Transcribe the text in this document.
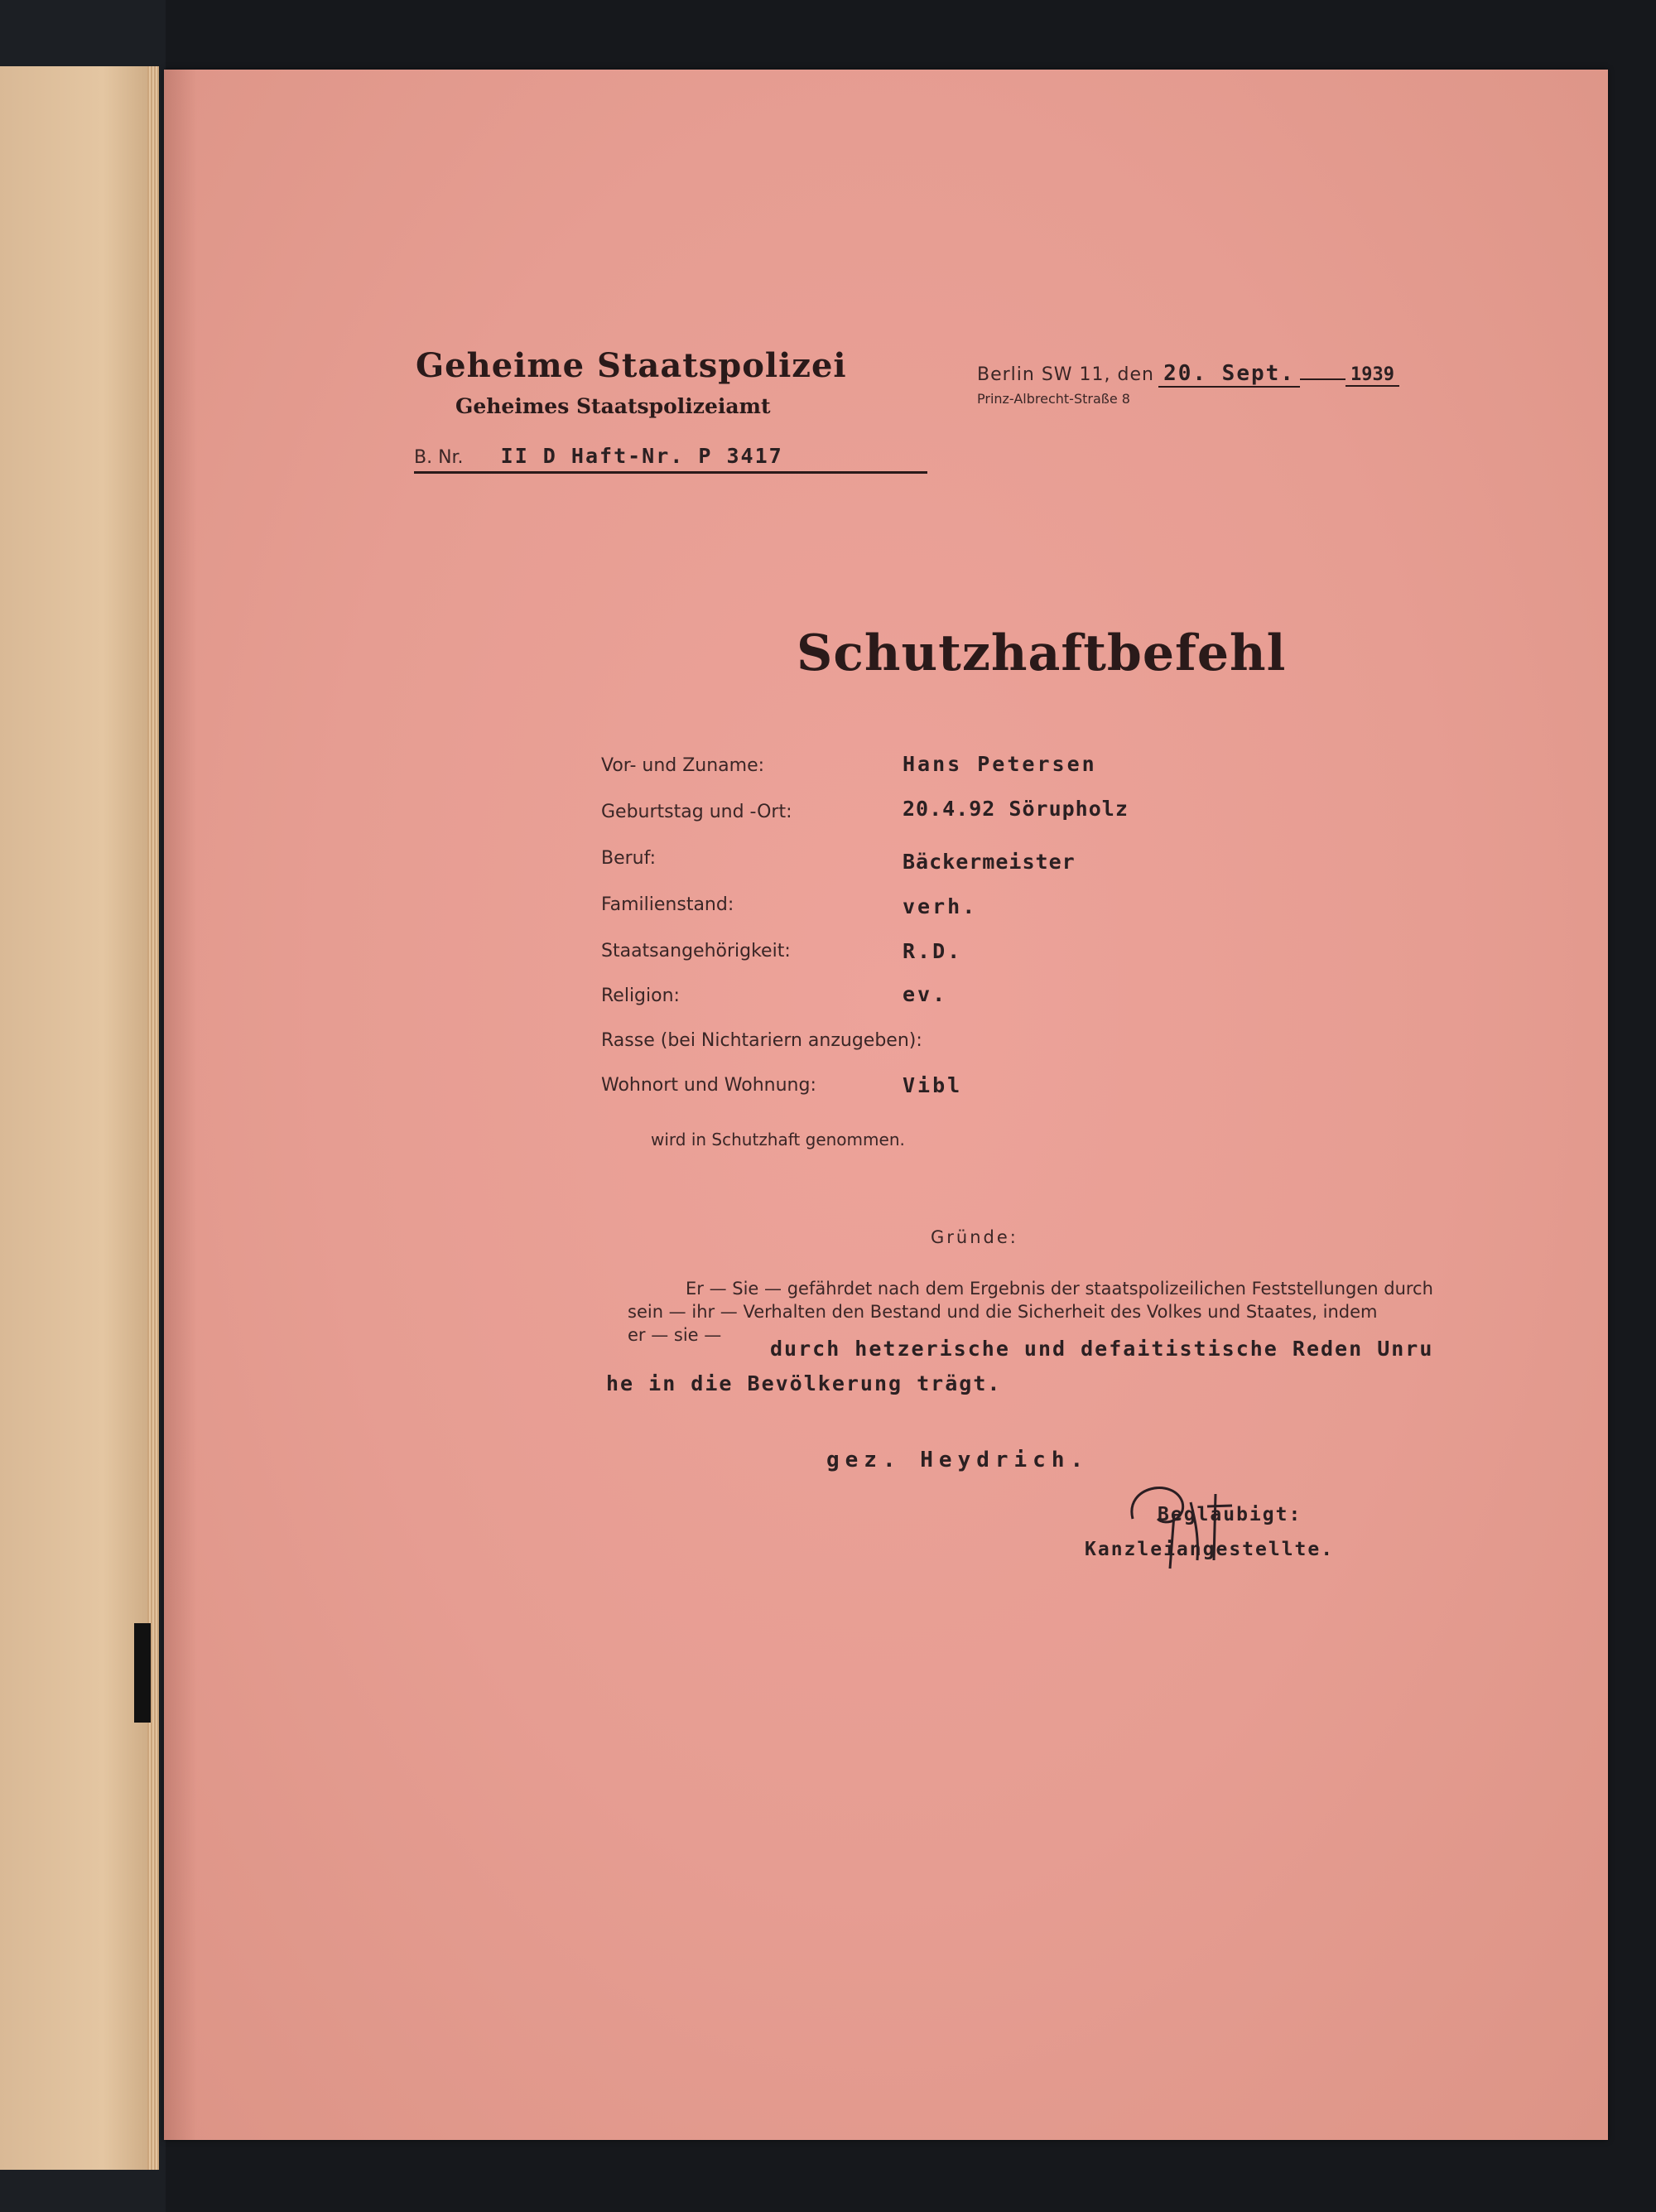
Geheime Staatspolizei
Geheimes Staatspolizeiamt
B. Nr. II D Haft-Nr. P 3417
Berlin SW 11, den 20. Sept.	1939
Prinz-Albrecht-Straße 8
Schutzhaftbefehl
Vor- und Zuname:	Hans Petersen
Geburtstag und -Ort:	20.4.92 Sörupholz
Beruf:	Bäckermeister
Familienstand:	verh.
Staatsangehörigkeit:	R.D.
Religion:	ev.
Rasse (bei Nichtariern anzugeben):
Wohnort und Wohnung:	Vibl
wird in Schutzhaft genommen.
Gründe:
Er — Sie — gefährdet nach dem Ergebnis der staatspolizeilichen Feststellungen durch
sein — ihr — Verhalten den Bestand und die Sicherheit des Volkes und Staates, indem
er — sie —
durch hetzerische und defaitistische Reden Unru
he in die Bevölkerung trägt.
gez. Heydrich.
Beglaubigt:
Kanzleiangestellte.
